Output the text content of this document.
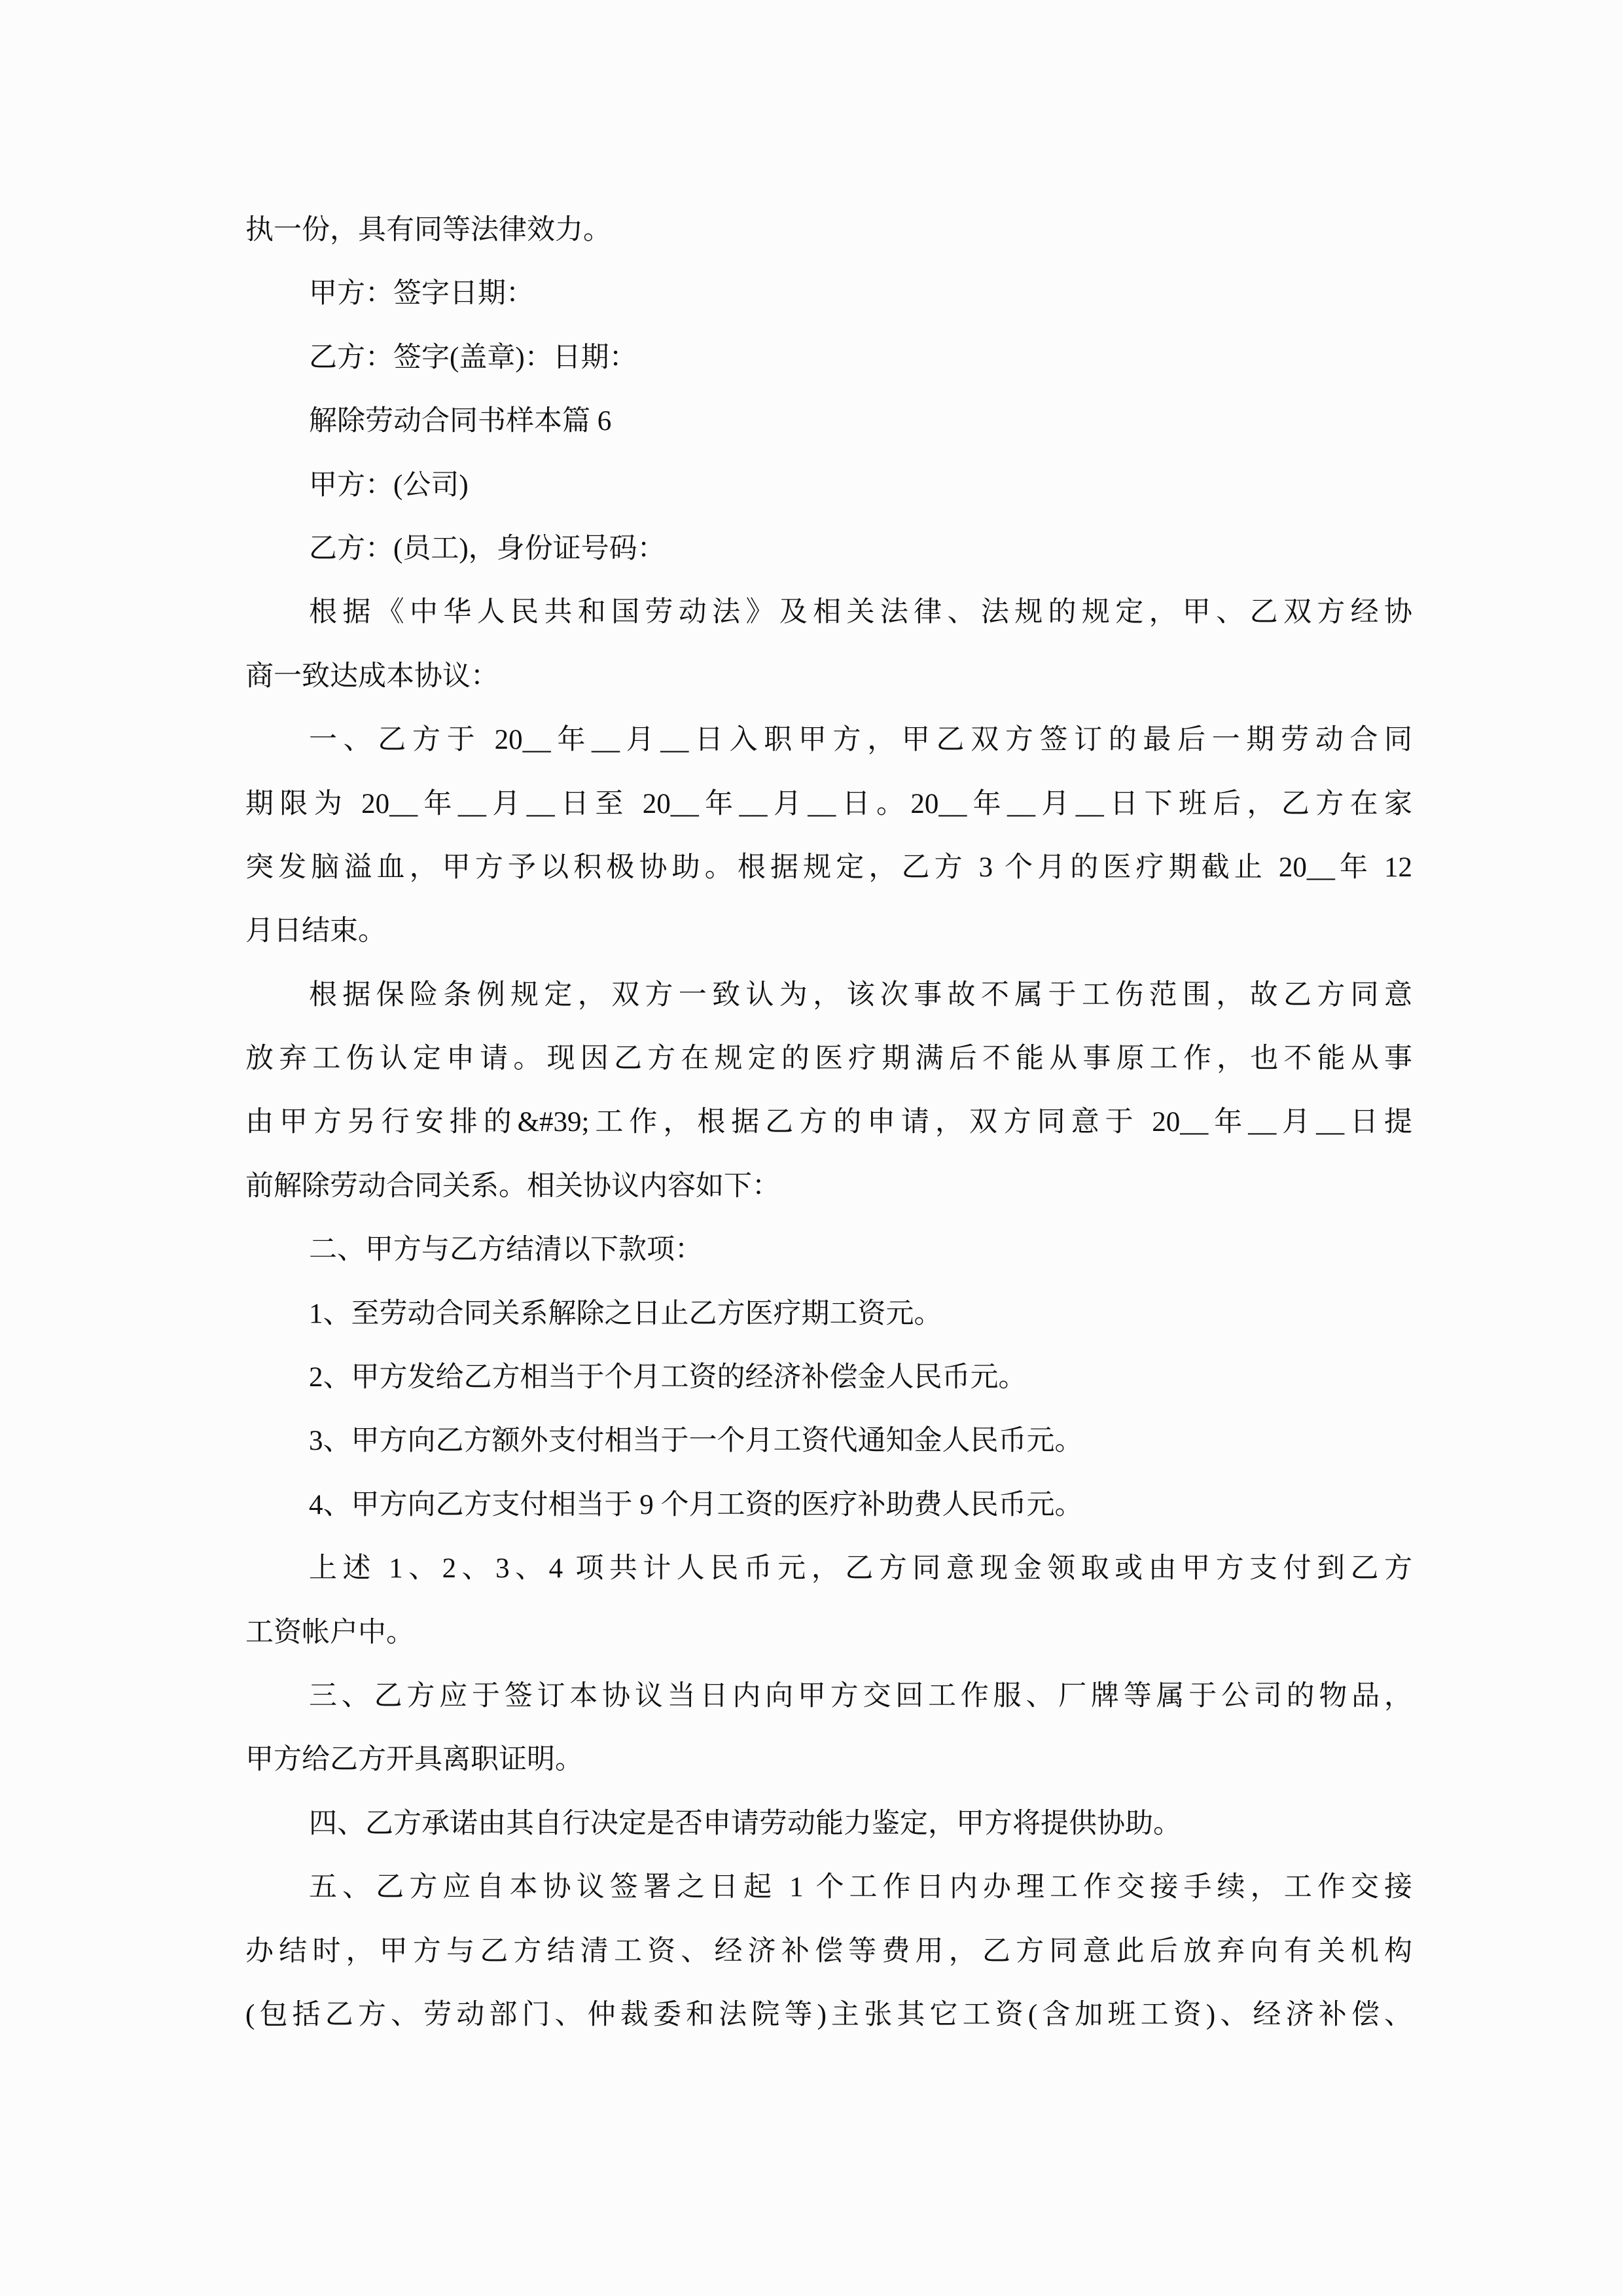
执一份，具有同等法律效力。
甲方：签字日期：
乙方：签字(盖章)：日期：
解除劳动合同书样本篇 6
甲方：(公司)
乙方：(员工)，身份证号码：
根据《中华人民共和国劳动法》及相关法律、法规的规定，甲、乙双方经协
商一致达成本协议：
一、乙方于 20__年__月__日入职甲方，甲乙双方签订的最后一期劳动合同
期限为 20__年__月__日至 20__年__月__日。20__年__月__日下班后，乙方在家
突发脑溢血，甲方予以积极协助。根据规定，乙方 3 个月的医疗期截止 20__年 12
月日结束。
根据保险条例规定，双方一致认为，该次事故不属于工伤范围，故乙方同意
放弃工伤认定申请。现因乙方在规定的医疗期满后不能从事原工作，也不能从事
由甲方另行安排的&#39;工作，根据乙方的申请，双方同意于 20__年__月__日提
前解除劳动合同关系。相关协议内容如下：
二、甲方与乙方结清以下款项：
1、至劳动合同关系解除之日止乙方医疗期工资元。
2、甲方发给乙方相当于个月工资的经济补偿金人民币元。
3、甲方向乙方额外支付相当于一个月工资代通知金人民币元。
4、甲方向乙方支付相当于 9 个月工资的医疗补助费人民币元。
上述 1、2、3、4 项共计人民币元，乙方同意现金领取或由甲方支付到乙方
工资帐户中。
三、乙方应于签订本协议当日内向甲方交回工作服、厂牌等属于公司的物品，
甲方给乙方开具离职证明。
四、乙方承诺由其自行决定是否申请劳动能力鉴定，甲方将提供协助。
五、乙方应自本协议签署之日起 1 个工作日内办理工作交接手续，工作交接
办结时，甲方与乙方结清工资、经济补偿等费用，乙方同意此后放弃向有关机构
(包括乙方、劳动部门、仲裁委和法院等)主张其它工资(含加班工资)、经济补偿、
